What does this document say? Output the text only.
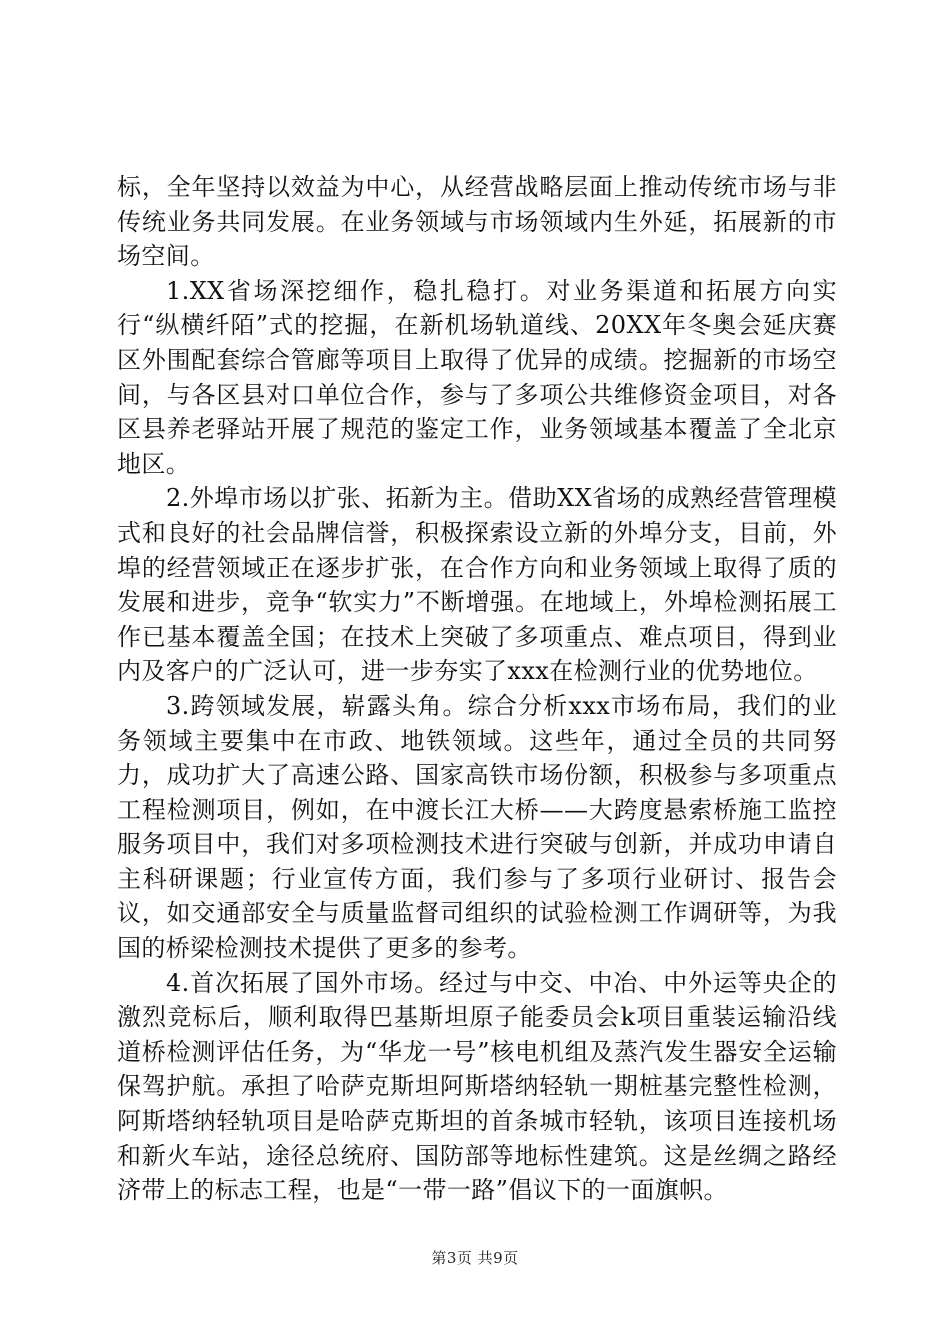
标，全年坚持以效益为中心，从经营战略层面上推动传统市场与非传统业务共同发展。在业务领域与市场领域内生外延，拓展新的市场空间。

1.XX省场深挖细作，稳扎稳打。对业务渠道和拓展方向实行“纵横纤陌”式的挖掘，在新机场轨道线、20XX年冬奥会延庆赛区外围配套综合管廊等项目上取得了优异的成绩。挖掘新的市场空间，与各区县对口单位合作，参与了多项公共维修资金项目，对各区县养老驿站开展了规范的鉴定工作，业务领域基本覆盖了全北京地区。

2.外埠市场以扩张、拓新为主。借助XX省场的成熟经营管理模式和良好的社会品牌信誉，积极探索设立新的外埠分支，目前，外埠的经营领域正在逐步扩张，在合作方向和业务领域上取得了质的发展和进步，竞争“软实力”不断增强。在地域上，外埠检测拓展工作已基本覆盖全国；在技术上突破了多项重点、难点项目，得到业内及客户的广泛认可，进一步夯实了xxx在检测行业的优势地位。

3.跨领域发展，崭露头角。综合分析xxx市场布局，我们的业务领域主要集中在市政、地铁领域。这些年，通过全员的共同努力，成功扩大了高速公路、国家高铁市场份额，积极参与多项重点工程检测项目，例如，在中渡长江大桥——大跨度悬索桥施工监控服务项目中，我们对多项检测技术进行突破与创新，并成功申请自主科研课题；行业宣传方面，我们参与了多项行业研讨、报告会议，如交通部安全与质量监督司组织的试验检测工作调研等，为我国的桥梁检测技术提供了更多的参考。

4.首次拓展了国外市场。经过与中交、中冶、中外运等央企的激烈竞标后，顺利取得巴基斯坦原子能委员会k项目重装运输沿线道桥检测评估任务，为“华龙一号”核电机组及蒸汽发生器安全运输保驾护航。承担了哈萨克斯坦阿斯塔纳轻轨一期桩基完整性检测，阿斯塔纳轻轨项目是哈萨克斯坦的首条城市轻轨，该项目连接机场和新火车站，途径总统府、国防部等地标性建筑。这是丝绸之路经济带上的标志工程，也是“一带一路”倡议下的一面旗帜。

第3页 共9页
